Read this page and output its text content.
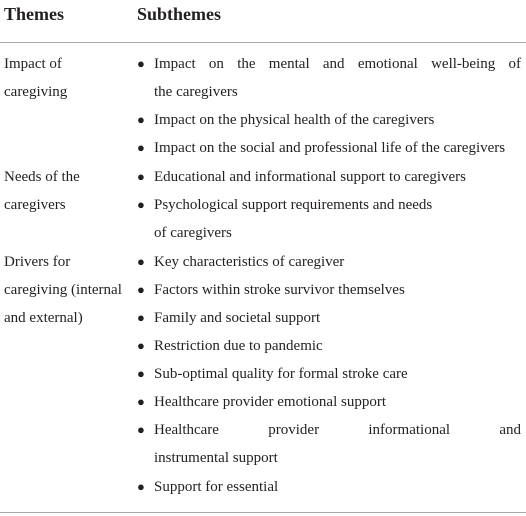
Themes	Subthemes
Impact of
caregiving
● Impact on the mental and emotional well-being of
the caregivers
● Impact on the physical health of the caregivers
● Impact on the social and professional life of the caregivers
Needs of the
caregivers
● Educational and informational support to caregivers
● Psychological support requirements and needs
of caregivers
Drivers for
caregiving (internal
and external)
● Key characteristics of caregiver
● Factors within stroke survivor themselves
● Family and societal support
● Restriction due to pandemic
● Sub-optimal quality for formal stroke care
● Healthcare provider emotional support
● Healthcare provider informational and
instrumental support
● Support for essential
